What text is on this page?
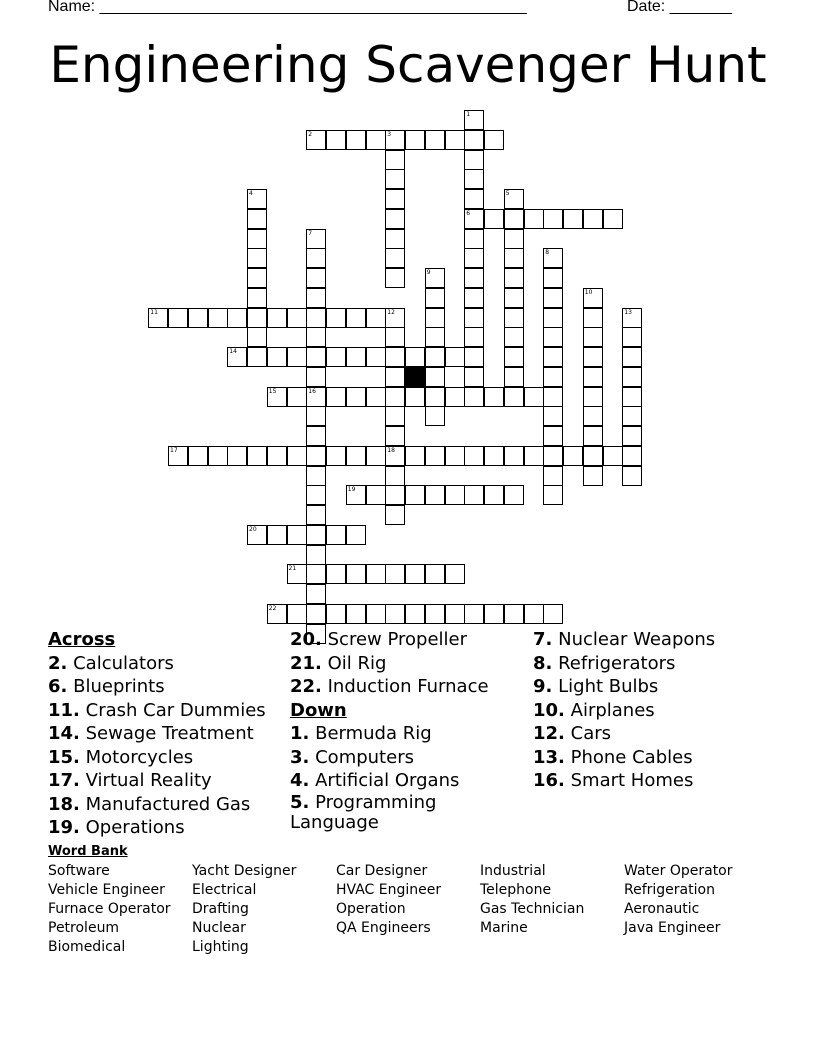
Name: ________________________________________________	Date: _______
Engineering Scavenger Hunt
1
2	3
4	5
6
7
8
9
10
11	12	13
14
15	16
17	18
19
20
21
22
Across
2. Calculators
6. Blueprints
11. Crash Car Dummies
14. Sewage Treatment
15. Motorcycles
17. Virtual Reality
18. Manufactured Gas
19. Operations
20. Screw Propeller
21. Oil Rig
22. Induction Furnace
Down
1. Bermuda Rig
3. Computers
4. Artificial Organs
5. Programming Language
7. Nuclear Weapons
8. Refrigerators
9. Light Bulbs
10. Airplanes
12. Cars
13. Phone Cables
16. Smart Homes
Word Bank
Software
Vehicle Engineer
Furnace Operator
Petroleum
Biomedical
Yacht Designer
Electrical
Drafting
Nuclear
Lighting
Car Designer
HVAC Engineer
Operation
QA Engineers
Industrial
Telephone
Gas Technician
Marine
Water Operator
Refrigeration
Aeronautic
Java Engineer
